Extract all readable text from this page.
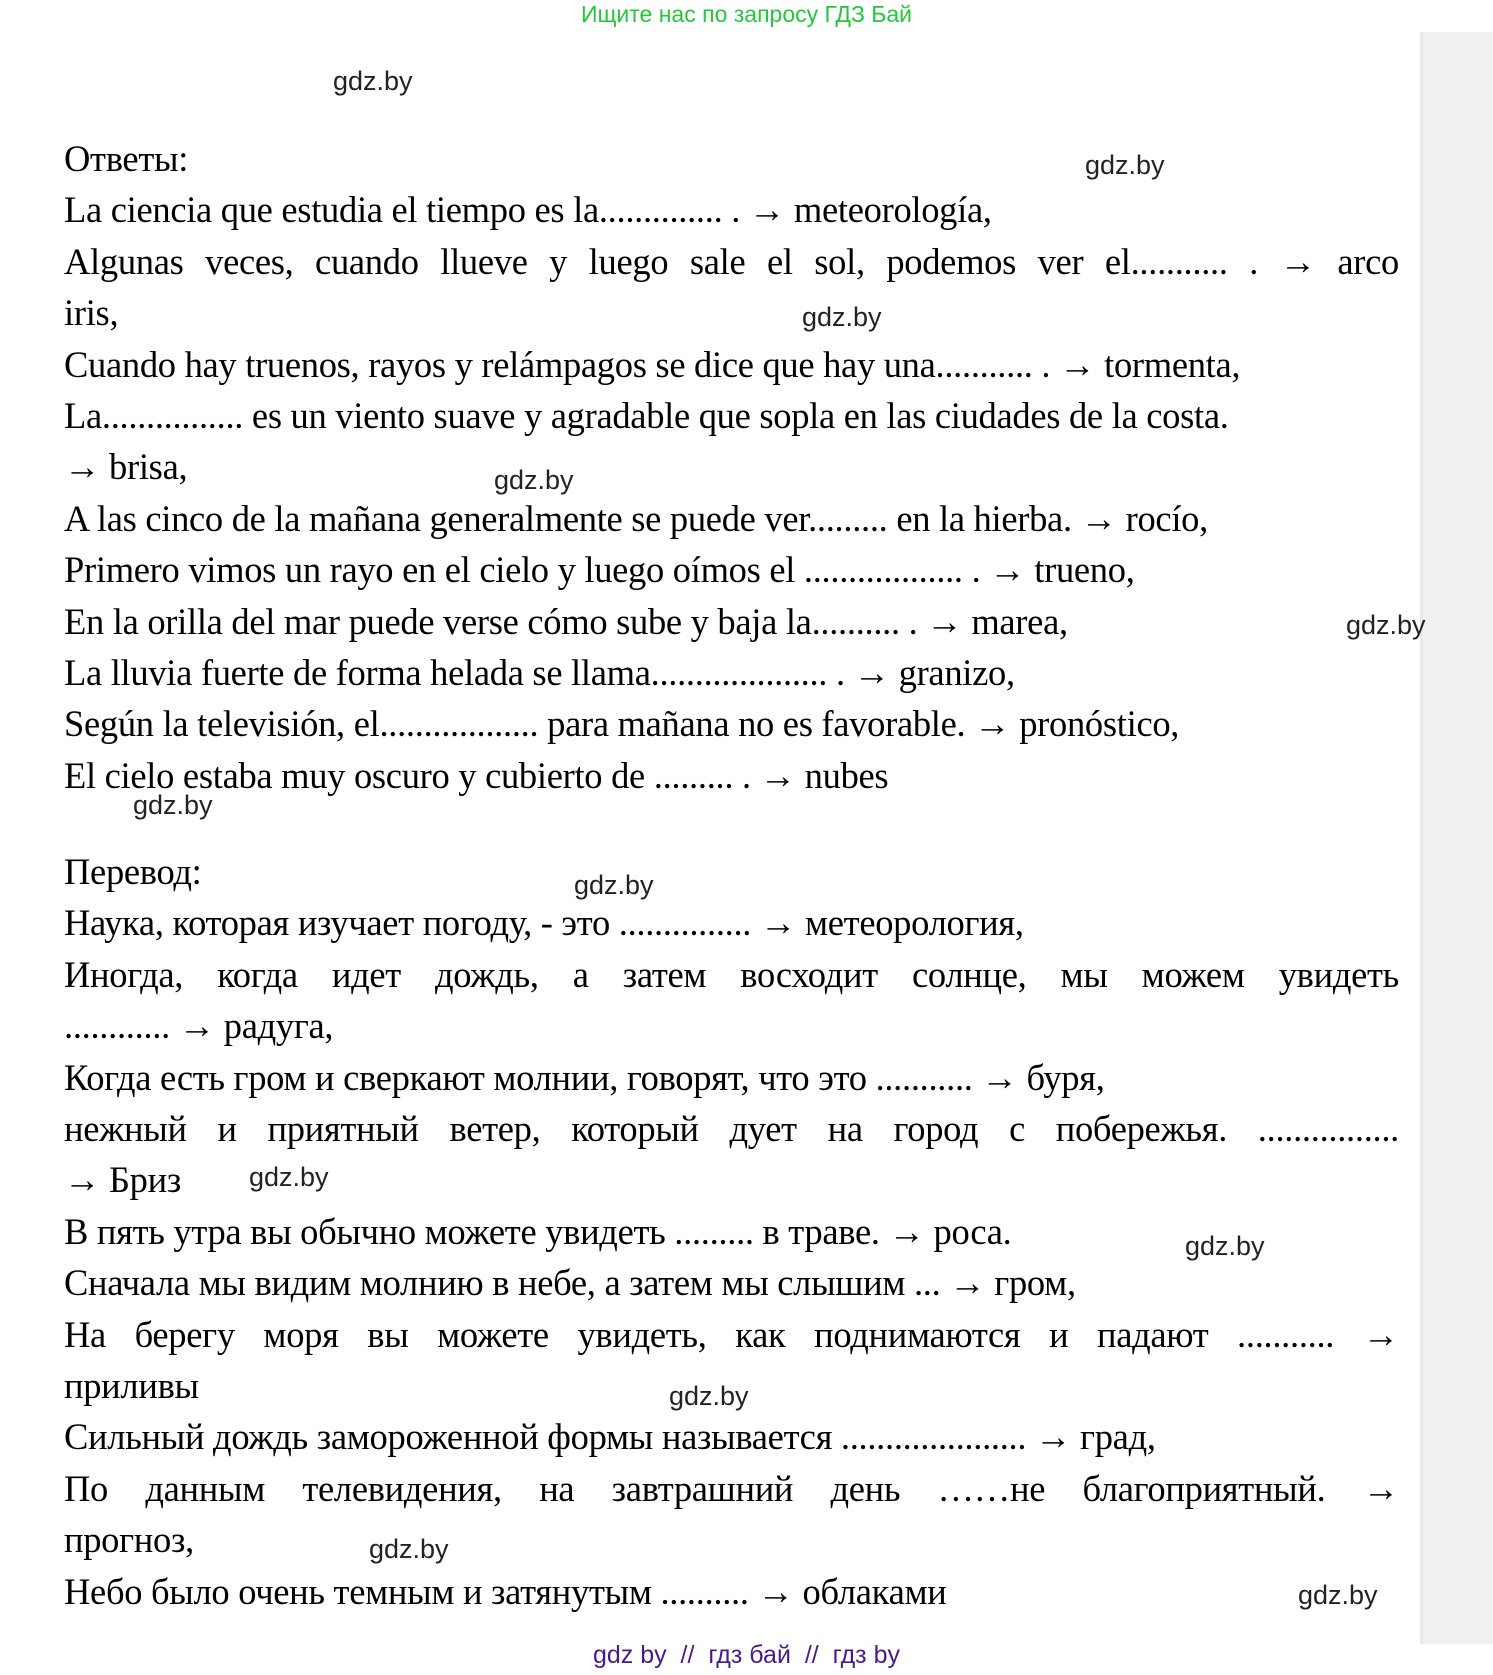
Ищите нас по запросу ГДЗ Бай
Ответы:
La ciencia que estudia el tiempo es la.............. . → meteorología,
Algunas veces, cuando llueve y luego sale el sol, podemos ver el........... . → arco
iris,
Cuando hay truenos, rayos y relámpagos se dice que hay una........... . → tormenta,
La................ es un viento suave y agradable que sopla en las ciudades de la costa.
→ brisa,
A las cinco de la mañana generalmente se puede ver......... en la hierba. → rocío,
Primero vimos un rayo en el cielo y luego oímos el .................. . → trueno,
En la orilla del mar puede verse cómo sube y baja la.......... . → marea,
La lluvia fuerte de forma helada se llama.................... . → granizo,
Según la televisión, el.................. para mañana no es favorable. → pronóstico,
El cielo estaba muy oscuro y cubierto de ......... . → nubes
Перевод:
Наука, которая изучает погоду, - это ............... → метеорология,
Иногда, когда идет дождь, а затем восходит солнце, мы можем увидеть
............ → радуга,
Когда есть гром и сверкают молнии, говорят, что это ........... → буря,
нежный и приятный ветер, который дует на город с побережья. ................
→ Бриз
В пять утра вы обычно можете увидеть ......... в траве. → роса.
Сначала мы видим молнию в небе, а затем мы слышим ... → гром,
На берегу моря вы можете увидеть, как поднимаются и падают ........... →
приливы
Сильный дождь замороженной формы называется ..................... → град,
По данным телевидения, на завтрашний день ……не благоприятный. →
прогноз,
Небо было очень темным и затянутым .......... → облаками
gdz.by
gdz.by
gdz.by
gdz.by
gdz.by
gdz.by
gdz.by
gdz.by
gdz.by
gdz.by
gdz.by
gdz.by
gdz by  //  гдз бай  //  гдз by
